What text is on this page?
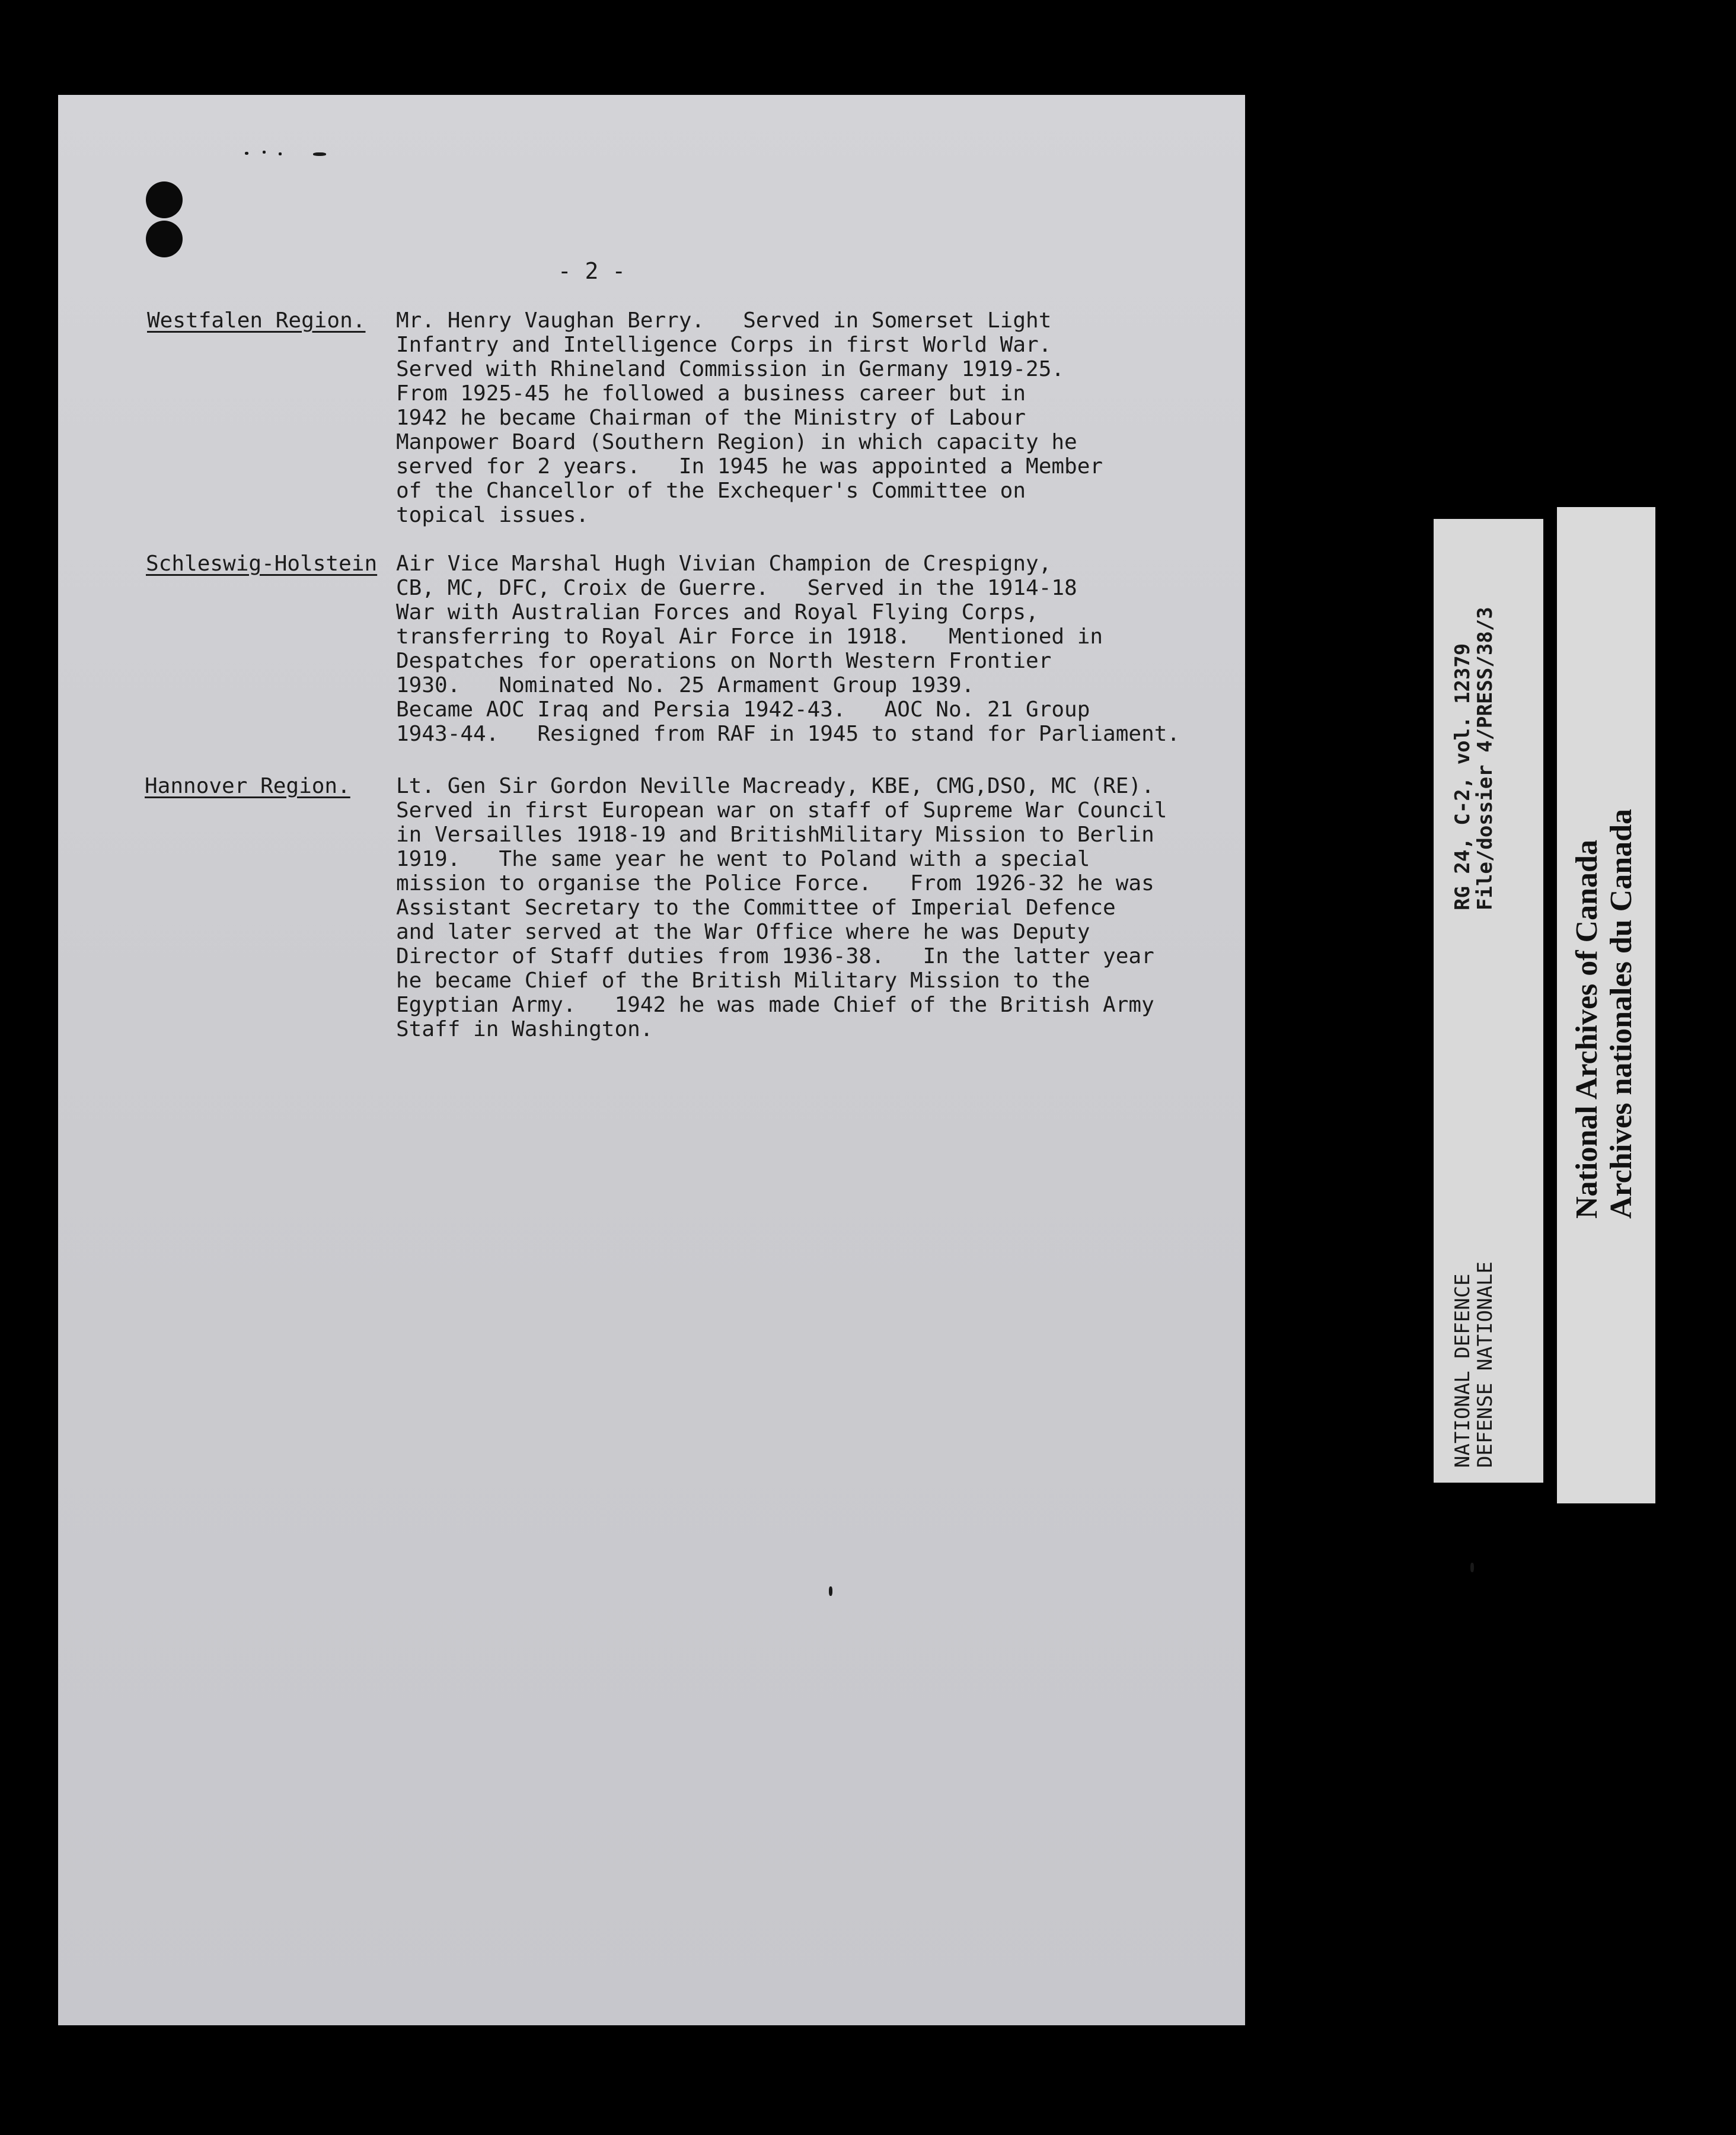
- 2 -
Westfalen Region. Mr. Henry Vaughan Berry.   Served in Somerset Light
Infantry and Intelligence Corps in first World War.
Served with Rhineland Commission in Germany 1919-25.
From 1925-45 he followed a business career but in
1942 he became Chairman of the Ministry of Labour
Manpower Board (Southern Region) in which capacity he
served for 2 years.   In 1945 he was appointed a Member
of the Chancellor of the Exchequer's Committee on
topical issues.
Schleswig-Holstein Air Vice Marshal Hugh Vivian Champion de Crespigny,
CB, MC, DFC, Croix de Guerre.   Served in the 1914-18
War with Australian Forces and Royal Flying Corps,
transferring to Royal Air Force in 1918.   Mentioned in
Despatches for operations on North Western Frontier
1930.   Nominated No. 25 Armament Group 1939.
Became AOC Iraq and Persia 1942-43.   AOC No. 21 Group
1943-44.   Resigned from RAF in 1945 to stand for Parliament.
Hannover Region. Lt. Gen Sir Gordon Neville Macready, KBE, CMG,DSO, MC (RE).
Served in first European war on staff of Supreme War Council
in Versailles 1918-19 and BritishMilitary Mission to Berlin
1919.   The same year he went to Poland with a special
mission to organise the Police Force.   From 1926-32 he was
Assistant Secretary to the Committee of Imperial Defence
and later served at the War Office where he was Deputy
Director of Staff duties from 1936-38.   In the latter year
he became Chief of the British Military Mission to the
Egyptian Army.   1942 he was made Chief of the British Army
Staff in Washington.
RG 24, C-2, vol. 12379
File/dossier 4/PRESS/38/3
NATIONAL DEFENCE
DEFENSE NATIONALE
National Archives of Canada Archives nationales du Canada
